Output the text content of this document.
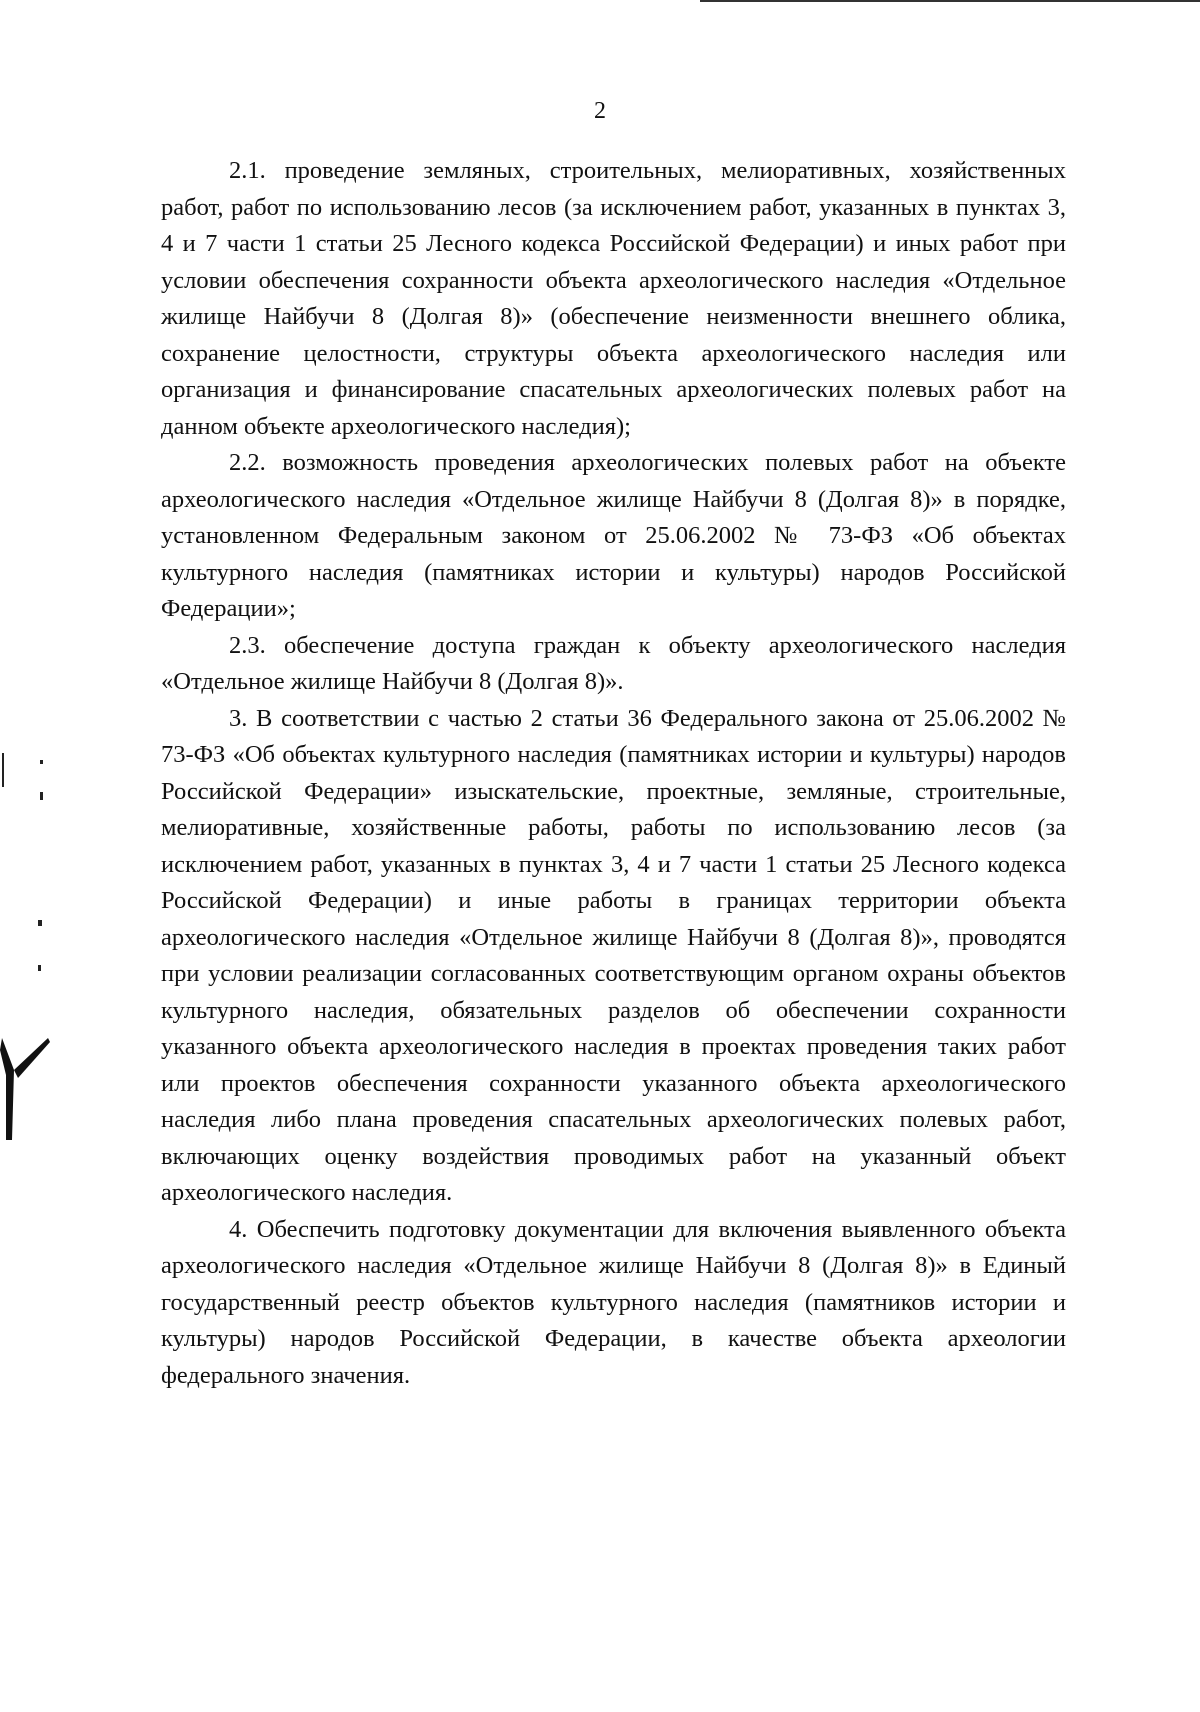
2

2.1. проведение земляных, строительных, мелиоративных, хозяйственных работ, работ по использованию лесов (за исключением работ, указанных в пунктах 3, 4 и 7 части 1 статьи 25 Лесного кодекса Российской Федерации) и иных работ при условии обеспечения сохранности объекта археологического наследия «Отдельное жилище Найбучи 8 (Долгая 8)» (обеспечение неизменности внешнего облика, сохранение целостности, структуры объекта археологического наследия или организация и финансирование спасательных археологических полевых работ на данном объекте археологического наследия);

2.2. возможность проведения археологических полевых работ на объекте археологического наследия «Отдельное жилище Найбучи 8 (Долгая 8)» в порядке, установленном Федеральным законом от 25.06.2002 № 73-ФЗ «Об объектах культурного наследия (памятниках истории и культуры) народов Российской Федерации»;

2.3. обеспечение доступа граждан к объекту археологического наследия «Отдельное жилище Найбучи 8 (Долгая 8)».

3. В соответствии с частью 2 статьи 36 Федерального закона от 25.06.2002 № 73-ФЗ «Об объектах культурного наследия (памятниках истории и культуры) народов Российской Федерации» изыскательские, проектные, земляные, строительные, мелиоративные, хозяйственные работы, работы по использованию лесов (за исключением работ, указанных в пунктах 3, 4 и 7 части 1 статьи 25 Лесного кодекса Российской Федерации) и иные работы в границах территории объекта археологического наследия «Отдельное жилище Найбучи 8 (Долгая 8)», проводятся при условии реализации согласованных соответствующим органом охраны объектов культурного наследия, обязательных разделов об обеспечении сохранности указанного объекта археологического наследия в проектах проведения таких работ или проектов обеспечения сохранности указанного объекта археологического наследия либо плана проведения спасательных археологических полевых работ, включающих оценку воздействия проводимых работ на указанный объект археологического наследия.

4. Обеспечить подготовку документации для включения выявленного объекта археологического наследия «Отдельное жилище Найбучи 8 (Долгая 8)» в Единый государственный реестр объектов культурного наследия (памятников истории и культуры) народов Российской Федерации, в качестве объекта археологии федерального значения.
